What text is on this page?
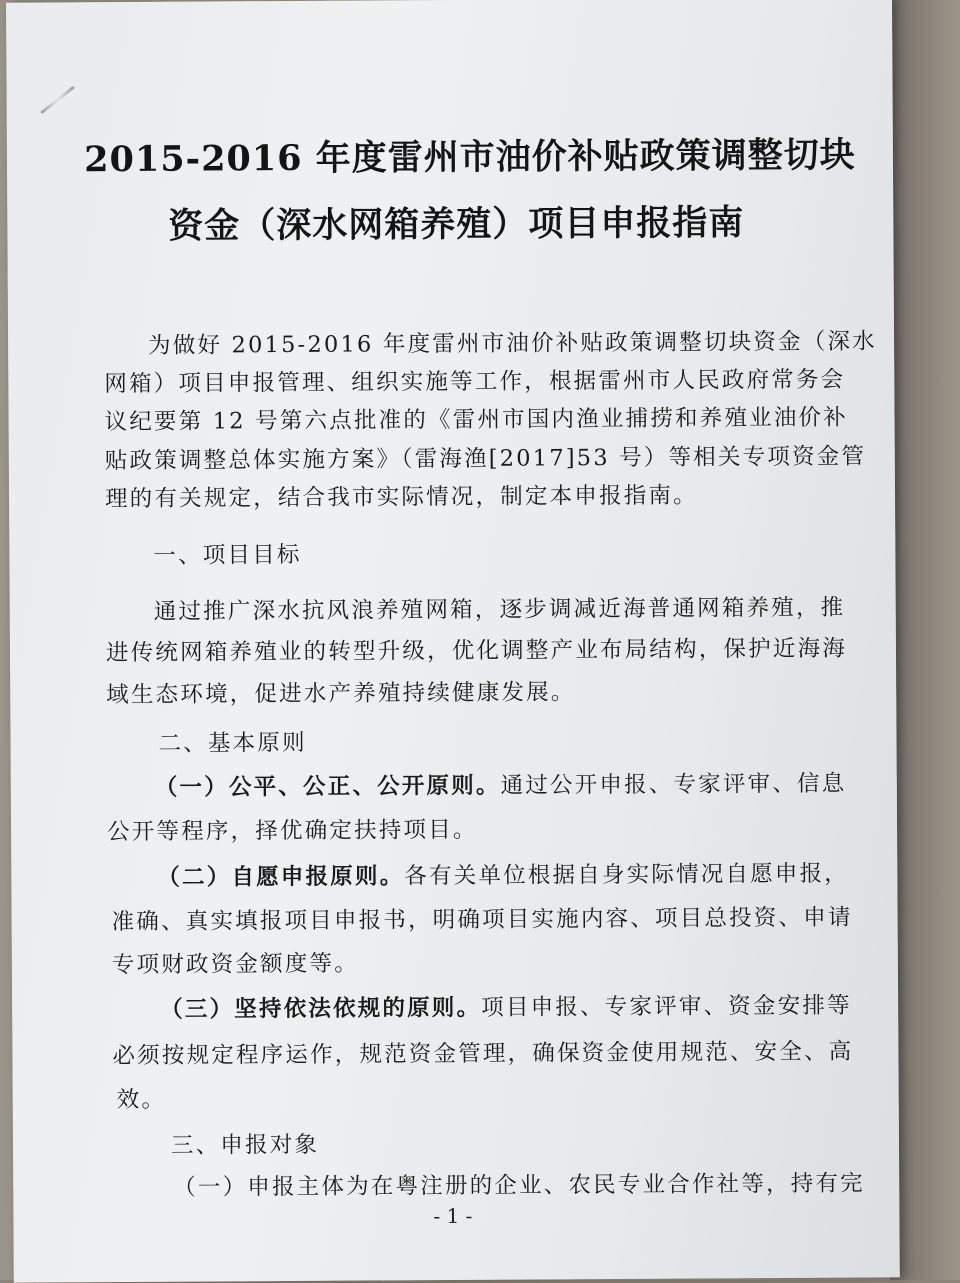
2015-2016 年度雷州市油价补贴政策调整切块
资金（深水网箱养殖）项目申报指南
为做好 2015-2016 年度雷州市油价补贴政策调整切块资金（深水
网箱）项目申报管理、组织实施等工作，根据雷州市人民政府常务会
议纪要第 12 号第六点批准的《雷州市国内渔业捕捞和养殖业油价补
贴政策调整总体实施方案》（雷海渔[2017]53 号）等相关专项资金管
理的有关规定，结合我市实际情况，制定本申报指南。
一、项目目标
通过推广深水抗风浪养殖网箱，逐步调减近海普通网箱养殖，推
进传统网箱养殖业的转型升级，优化调整产业布局结构，保护近海海
域生态环境，促进水产养殖持续健康发展。
二、基本原则
（一）公平、公正、公开原则。通过公开申报、专家评审、信息
公开等程序，择优确定扶持项目。
（二）自愿申报原则。各有关单位根据自身实际情况自愿申报，
准确、真实填报项目申报书，明确项目实施内容、项目总投资、申请
专项财政资金额度等。
（三）坚持依法依规的原则。项目申报、专家评审、资金安排等
必须按规定程序运作，规范资金管理，确保资金使用规范、安全、高
效。
三、申报对象
（一）申报主体为在粤注册的企业、农民专业合作社等，持有完
- 1 -
